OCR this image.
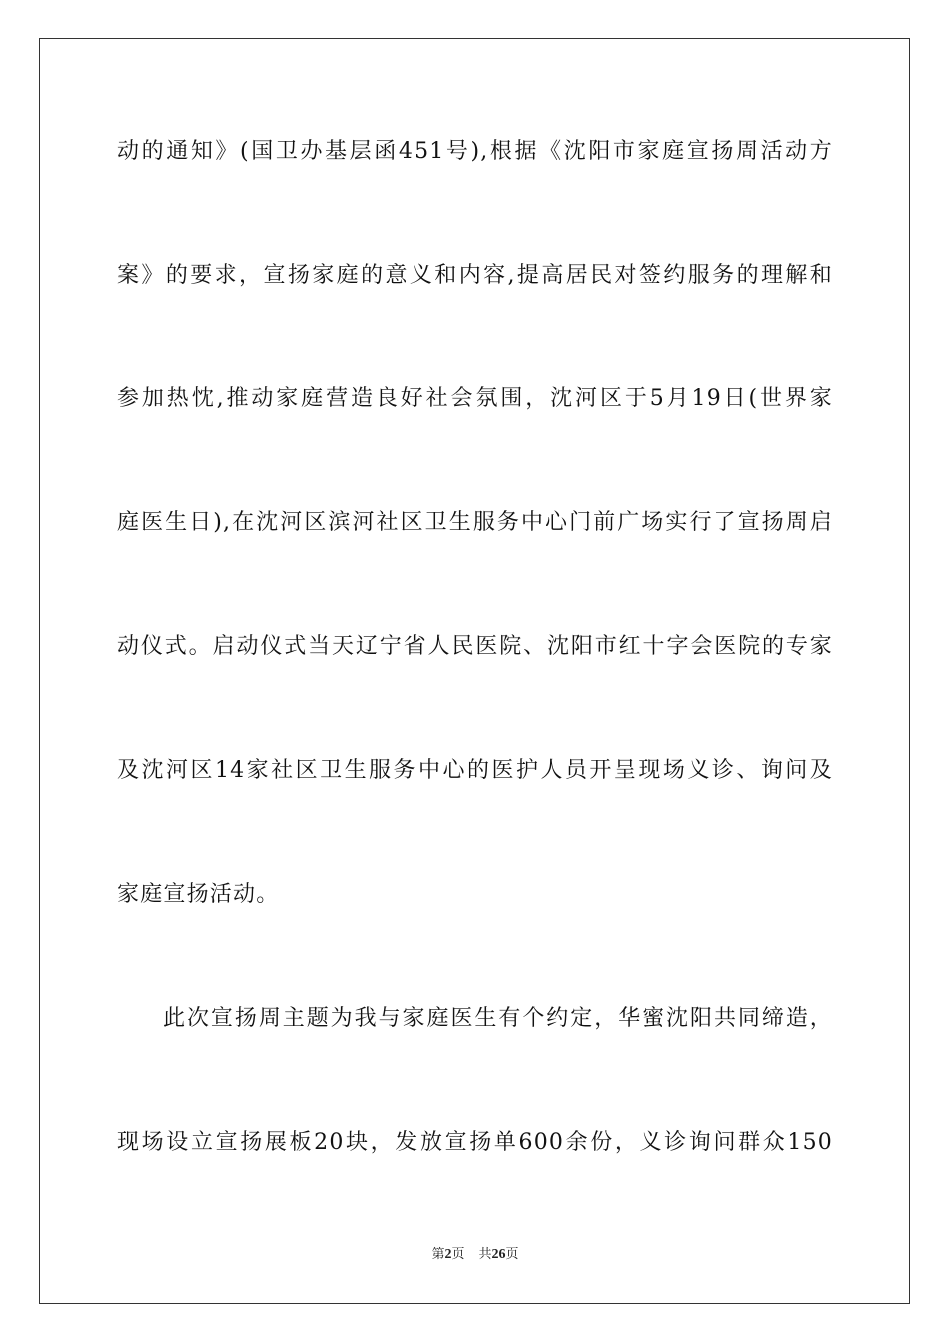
动的通知》(国卫办基层函451号),根据《沈阳市家庭宣扬周活动方
案》的要求，宣扬家庭的意义和内容,提高居民对签约服务的理解和
参加热忱,推动家庭营造良好社会氛围，沈河区于5月19日(世界家
庭医生日),在沈河区滨河社区卫生服务中心门前广场实行了宣扬周启
动仪式。启动仪式当天辽宁省人民医院、沈阳市红十字会医院的专家
及沈河区14家社区卫生服务中心的医护人员开呈现场义诊、询问及
家庭宣扬活动。
此次宣扬周主题为我与家庭医生有个约定，华蜜沈阳共同缔造，
现场设立宣扬展板20块，发放宣扬单600余份，义诊询问群众150
第2页 共26页
